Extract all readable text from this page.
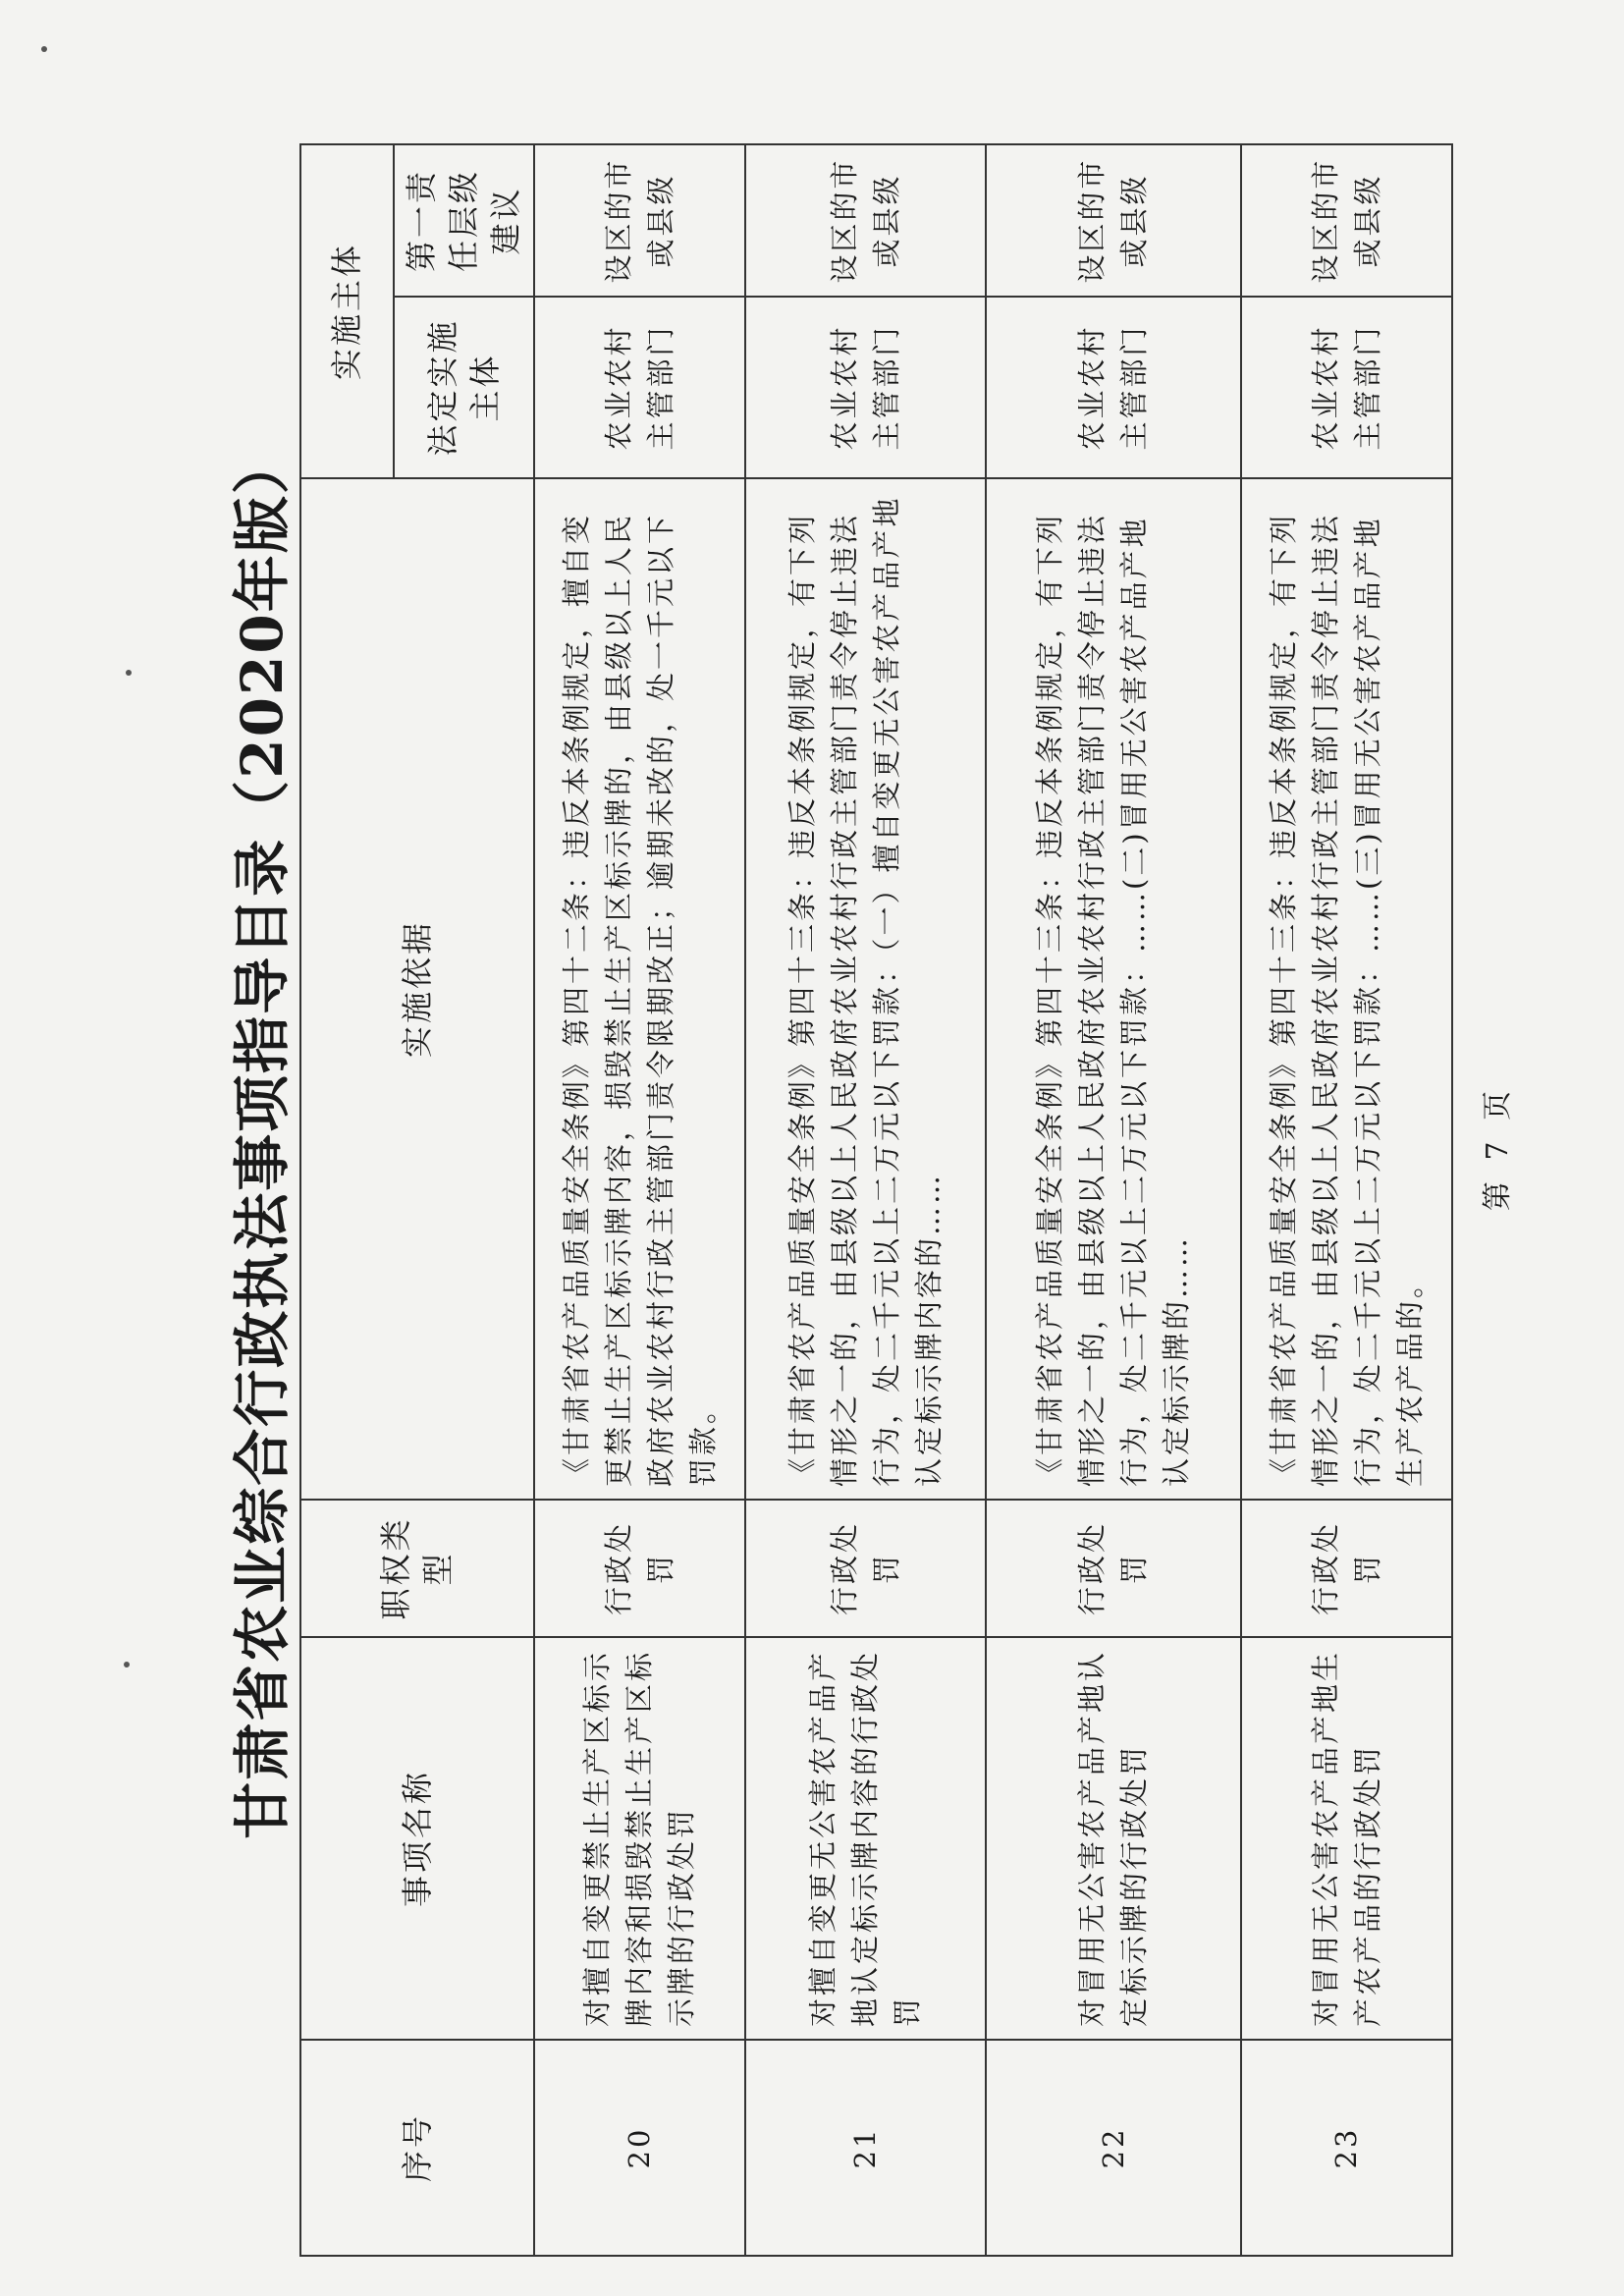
甘肃省农业综合行政执法事项指导目录（2020年版）
序号	事项名称	职权类型	实施依据	实施主体	
				法定实施主体	第一责任层级建议
20	对擅自变更禁止生产区标示牌内容和损毁禁止生产区标示牌的行政处罚	行政处罚	《甘肃省农产品质量安全条例》第四十二条：违反本条例规定，擅自变更禁止生产区标示牌内容，损毁禁止生产区标示牌的，由县级以上人民政府农业农村行政主管部门责令限期改正；逾期未改的，处一千元以下罚款。	农业农村主管部门	设区的市或县级
21	对擅自变更无公害农产品产地认定标示牌内容的行政处罚	行政处罚	《甘肃省农产品质量安全条例》第四十三条：违反本条例规定，有下列情形之一的，由县级以上人民政府农业农村行政主管部门责令停止违法行为，处二千元以上二万元以下罚款：（一）擅自变更无公害农产品产地认定标示牌内容的……	农业农村主管部门	设区的市或县级
22	对冒用无公害农产品产地认定标示牌的行政处罚	行政处罚	《甘肃省农产品质量安全条例》第四十三条：违反本条例规定，有下列情形之一的，由县级以上人民政府农业农村行政主管部门责令停止违法行为，处二千元以上二万元以下罚款：……(二)冒用无公害农产品产地认定标示牌的……	农业农村主管部门	设区的市或县级
23	对冒用无公害农产品产地生产农产品的行政处罚	行政处罚	《甘肃省农产品质量安全条例》第四十三条：违反本条例规定，有下列情形之一的，由县级以上人民政府农业农村行政主管部门责令停止违法行为，处二千元以上二万元以下罚款：……(三)冒用无公害农产品产地生产农产品的。	农业农村主管部门	设区的市或县级
第 7 页
